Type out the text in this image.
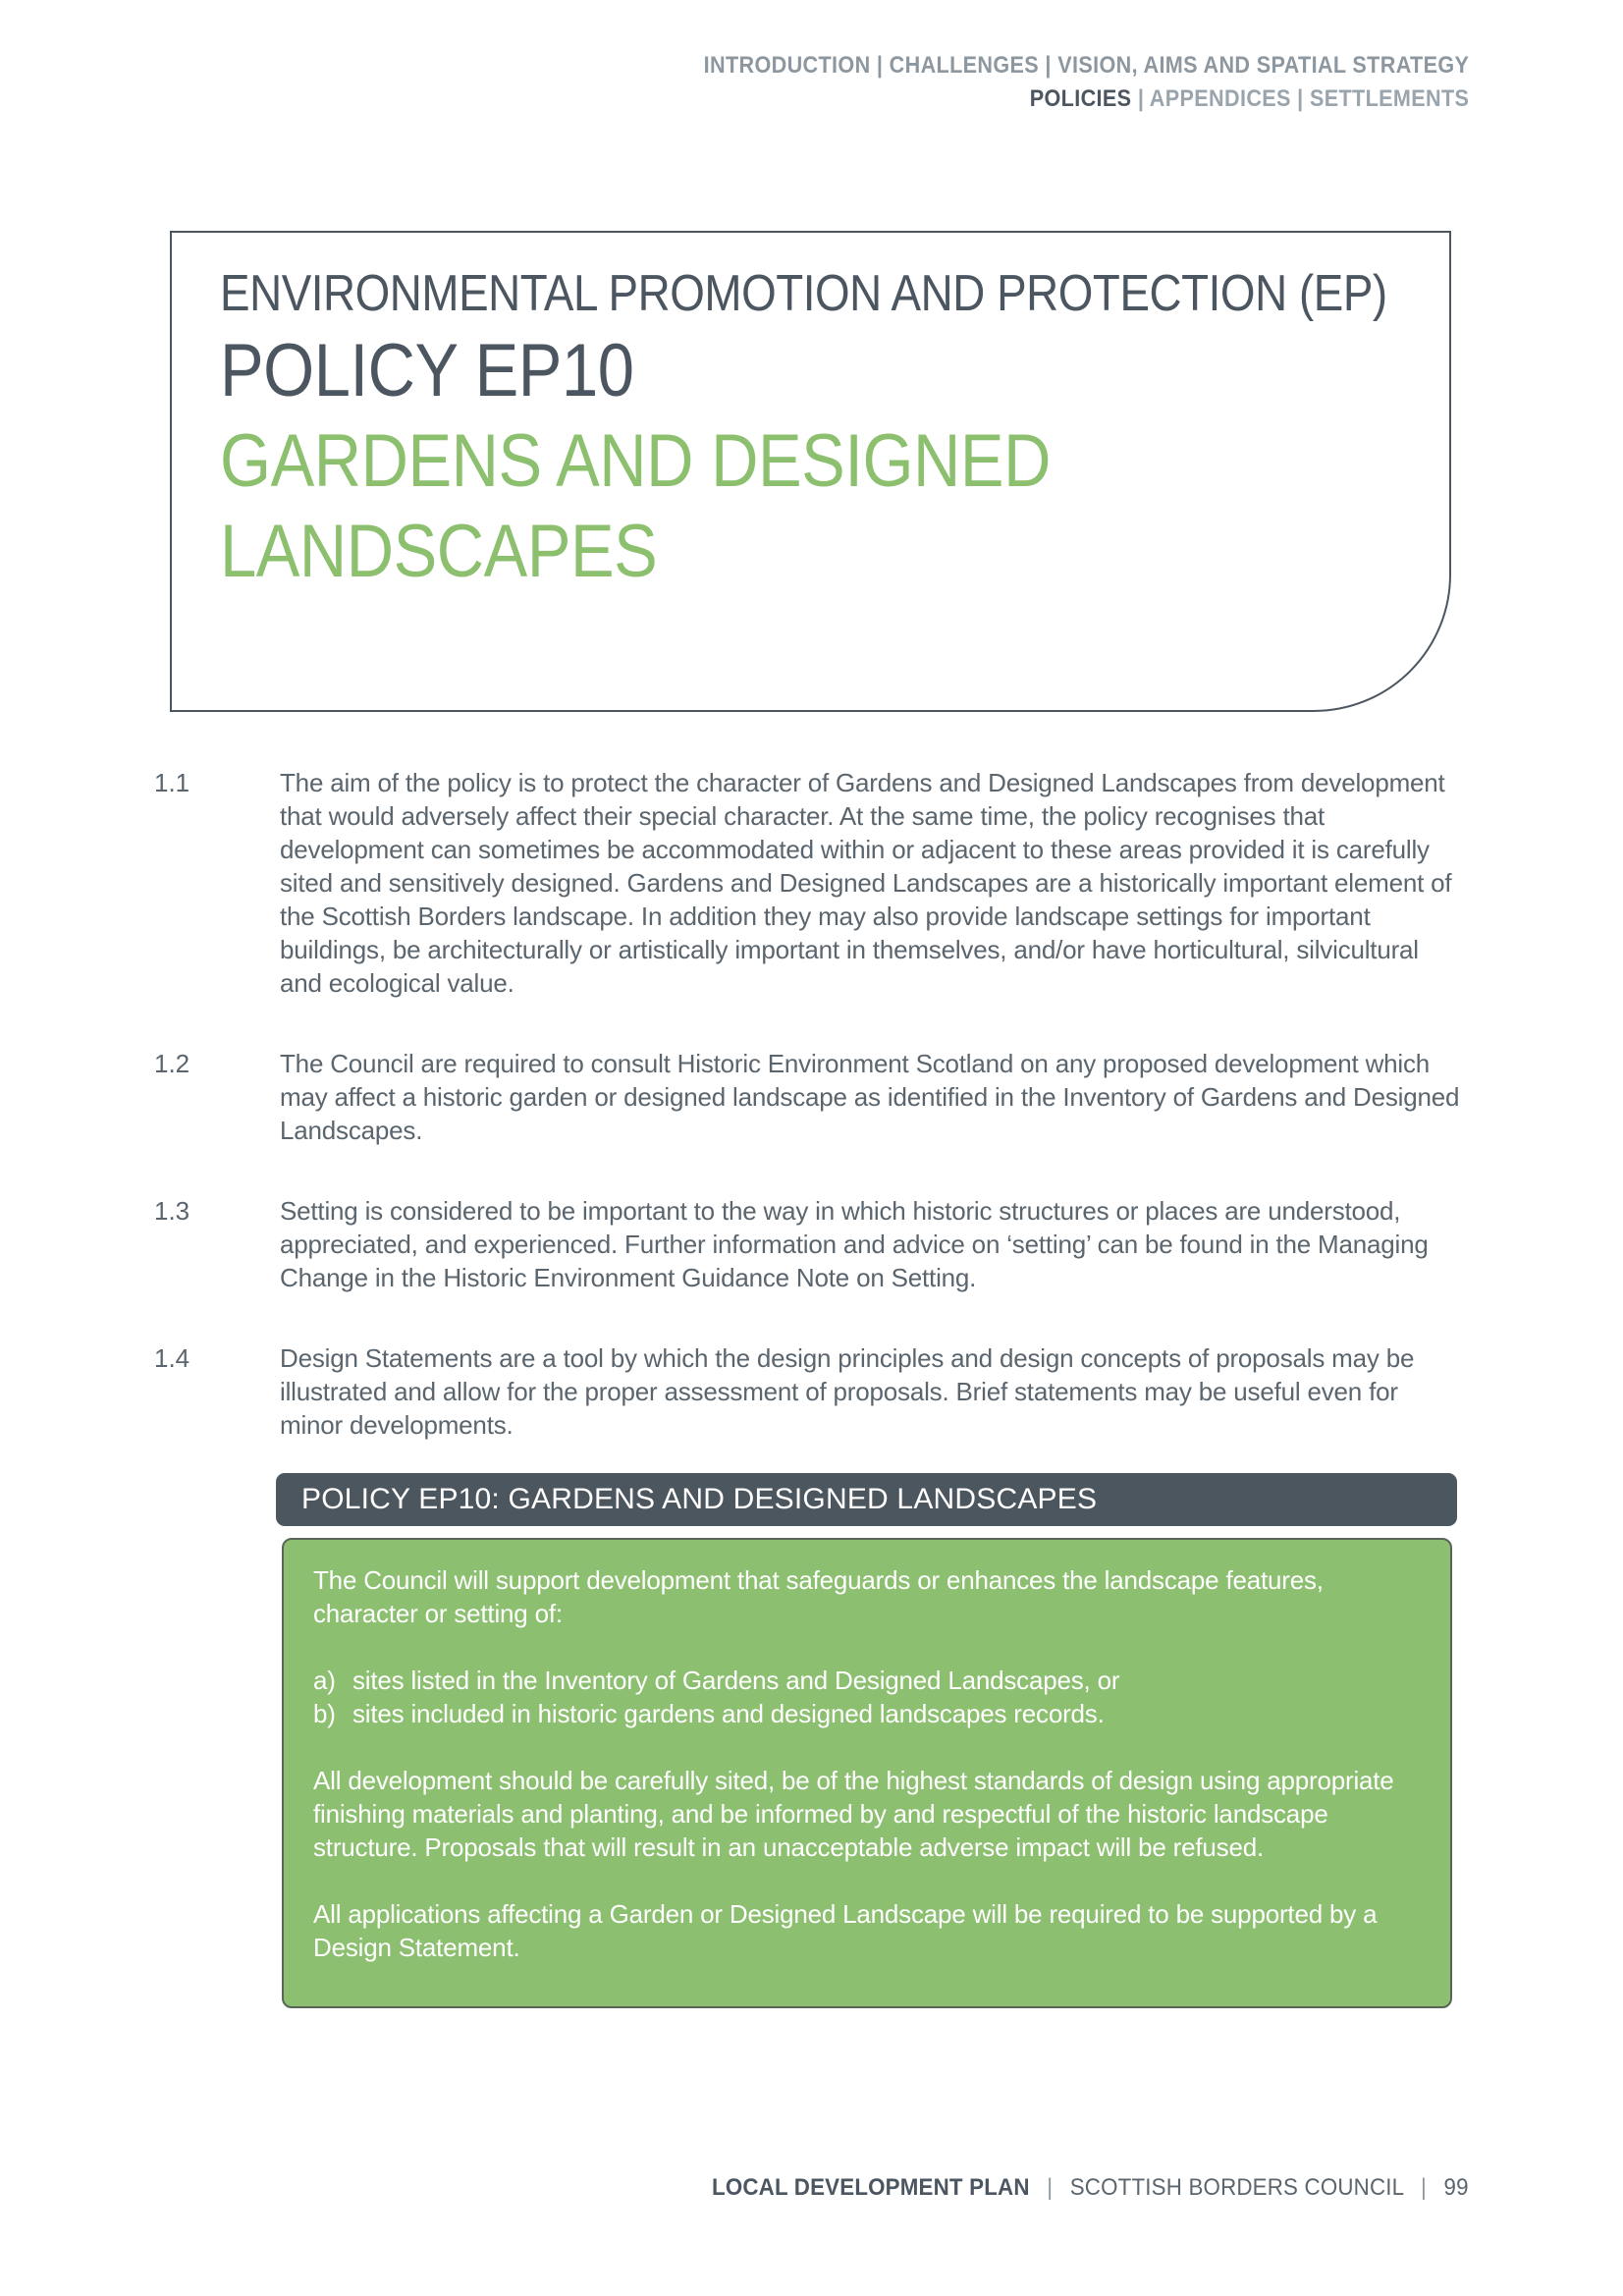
INTRODUCTION | CHALLENGES | VISION, AIMS AND SPATIAL STRATEGY
POLICIES | APPENDICES | SETTLEMENTS
ENVIRONMENTAL PROMOTION AND PROTECTION (EP)
POLICY EP10
GARDENS AND DESIGNED
LANDSCAPES
1.1	The aim of the policy is to protect the character of Gardens and Designed Landscapes from development that would adversely affect their special character. At the same time, the policy recognises that development can sometimes be accommodated within or adjacent to these areas provided it is carefully sited and sensitively designed. Gardens and Designed Landscapes are a historically important element of the Scottish Borders landscape. In addition they may also provide landscape settings for important buildings, be architecturally or artistically important in themselves, and/or have horticultural, silvicultural and ecological value.
1.2	The Council are required to consult Historic Environment Scotland on any proposed development which may affect a historic garden or designed landscape as identified in the Inventory of Gardens and Designed Landscapes.
1.3	Setting is considered to be important to the way in which historic structures or places are understood, appreciated, and experienced. Further information and advice on ‘setting’ can be found in the Managing Change in the Historic Environment Guidance Note on Setting.
1.4	Design Statements are a tool by which the design principles and design concepts of proposals may be illustrated and allow for the proper assessment of proposals. Brief statements may be useful even for minor developments.
POLICY EP10: GARDENS AND DESIGNED LANDSCAPES

The Council will support development that safeguards or enhances the landscape features, character or setting of:

a) sites listed in the Inventory of Gardens and Designed Landscapes, or
b) sites included in historic gardens and designed landscapes records.

All development should be carefully sited, be of the highest standards of design using appropriate finishing materials and planting, and be informed by and respectful of the historic landscape structure. Proposals that will result in an unacceptable adverse impact will be refused.

All applications affecting a Garden or Designed Landscape will be required to be supported by a Design Statement.

LOCAL DEVELOPMENT PLAN | SCOTTISH BORDERS COUNCIL | 99
